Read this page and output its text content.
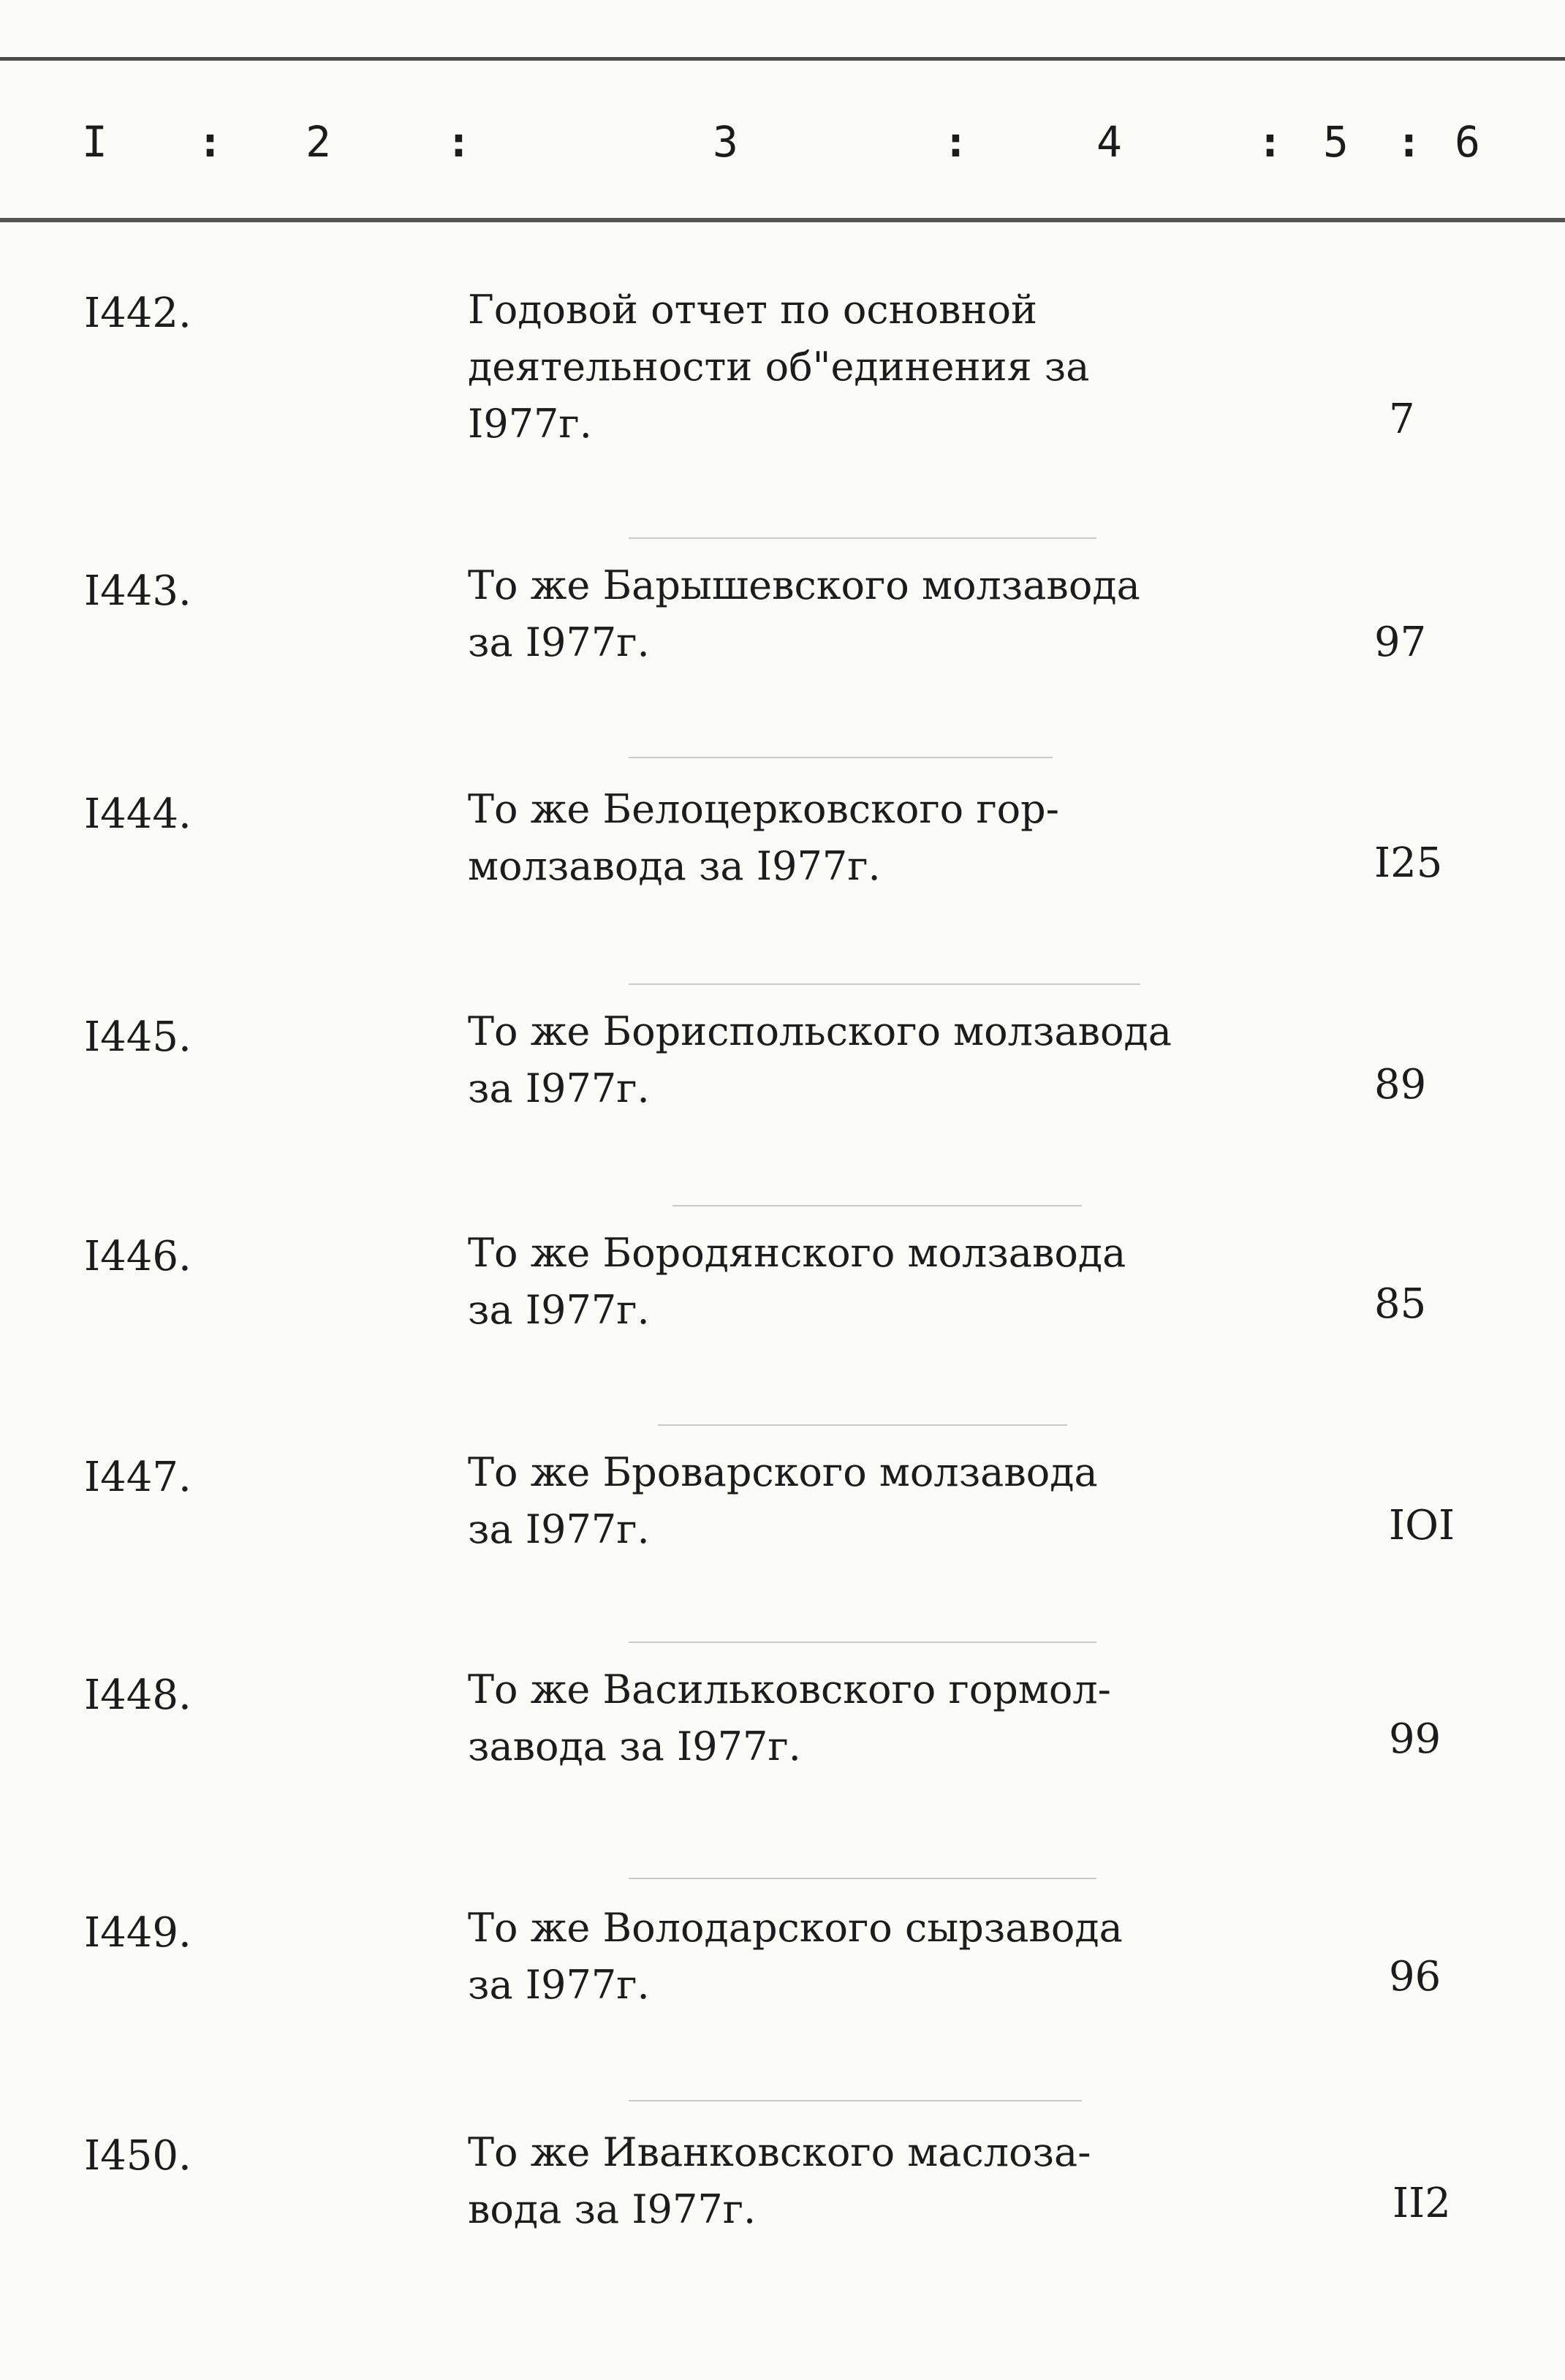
I : 2	:	3	:	4	: 5 : 6
I442.	Годовой отчет по основной
деятельности об"единения за
I977г.	7
I443.	То же Барышевского молзавода
за I977г.	97
I444.	То же Белоцерковского гор-
молзавода за I977г.	I25
I445.	То же Бориспольского молзавода
за I977г.	89
I446.	То же Бородянского молзавода
за I977г.	85
I447.	То же Броварского молзавода
за I977г.	IOI
I448.	То же Васильковского гормол-
завода за I977г.	99
I449.	То же Володарского сырзавода
за I977г.	96
I450.	То же Иванковского маслоза-
вода за I977г.	II2
